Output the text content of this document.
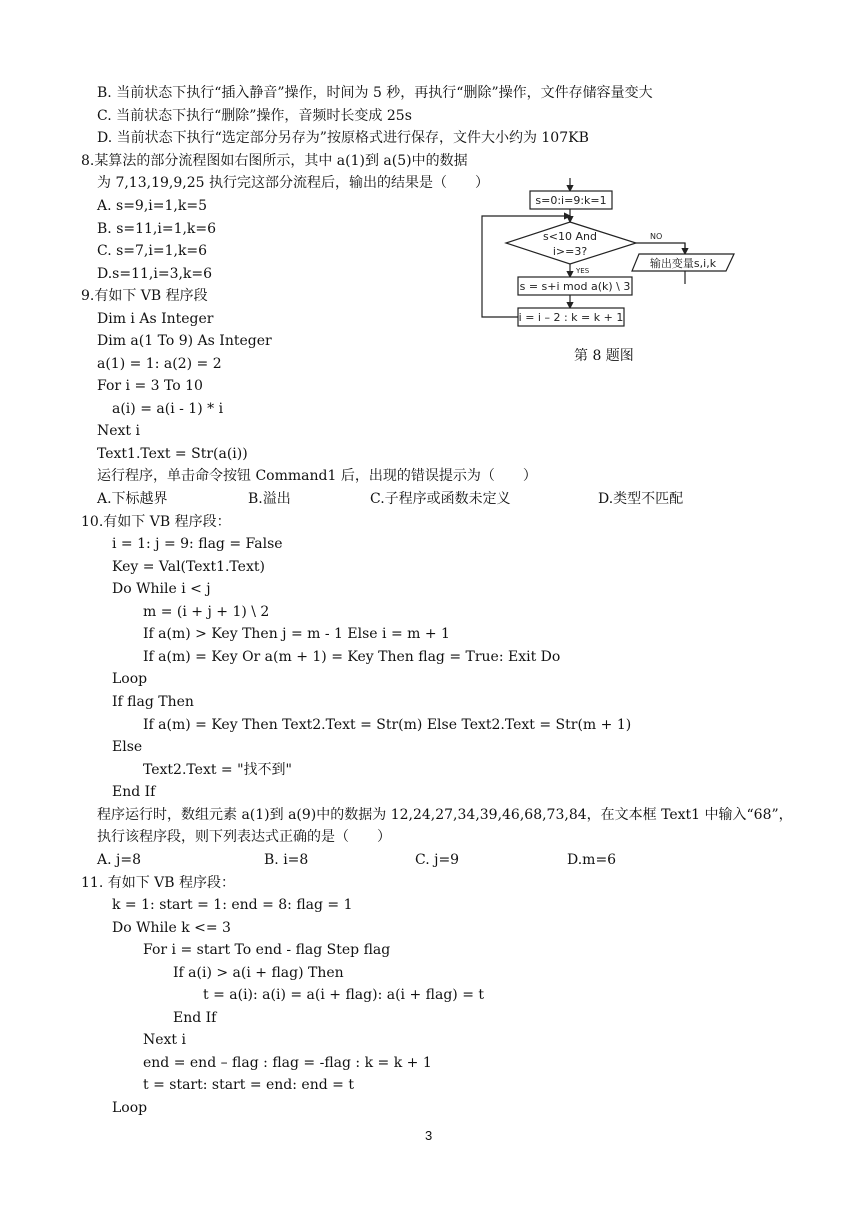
B. 当前状态下执行“插入静音”操作，时间为 5 秒，再执行“删除”操作，文件存储容量变大
C. 当前状态下执行“删除”操作，音频时长变成 25s
D. 当前状态下执行“选定部分另存为”按原格式进行保存，文件大小约为 107KB
8.某算法的部分流程图如右图所示，其中 a(1)到 a(5)中的数据
为 7,13,19,9,25 执行完这部分流程后，输出的结果是（　　）
A. s=9,i=1,k=5
B. s=11,i=1,k=6
C. s=7,i=1,k=6
D.s=11,i=3,k=6
9.有如下 VB 程序段
Dim i As Integer
Dim a(1 To 9) As Integer
a(1) = 1: a(2) = 2
For i = 3 To 10
a(i) = a(i - 1) * i
Next i
Text1.Text = Str(a(i))
运行程序，单击命令按钮 Command1 后，出现的错误提示为（　　）
A.下标越界	B.溢出	C.子程序或函数未定义	D.类型不匹配
10.有如下 VB 程序段：
i = 1: j = 9: flag = False
Key = Val(Text1.Text)
Do While i < j
m = (i + j + 1) \ 2
If a(m) > Key Then j = m - 1 Else i = m + 1
If a(m) = Key Or a(m + 1) = Key Then flag = True: Exit Do
Loop
If flag Then
If a(m) = Key Then Text2.Text = Str(m) Else Text2.Text = Str(m + 1)
Else
Text2.Text = "找不到"
End If
程序运行时，数组元素 a(1)到 a(9)中的数据为 12,24,27,34,39,46,68,73,84，在文本框 Text1 中输入“68”，
执行该程序段，则下列表达式正确的是（　　）
A. j=8	B. i=8	C. j=9	D.m=6
11. 有如下 VB 程序段：
k = 1: start = 1: end = 8: flag = 1
Do While k <= 3
For i = start To end - flag Step flag
If a(i) > a(i + flag) Then
t = a(i): a(i) = a(i + flag): a(i + flag) = t
End If
Next i
end = end – flag : flag = -flag : k = k + 1
t = start: start = end: end = t
Loop
s=0:i=9:k=1
s<10 And
i>=3?
NO
YES
输出变量s,i,k
s = s+i mod a(k) \ 3
i = i – 2 : k = k + 1
第 8 题图
3
